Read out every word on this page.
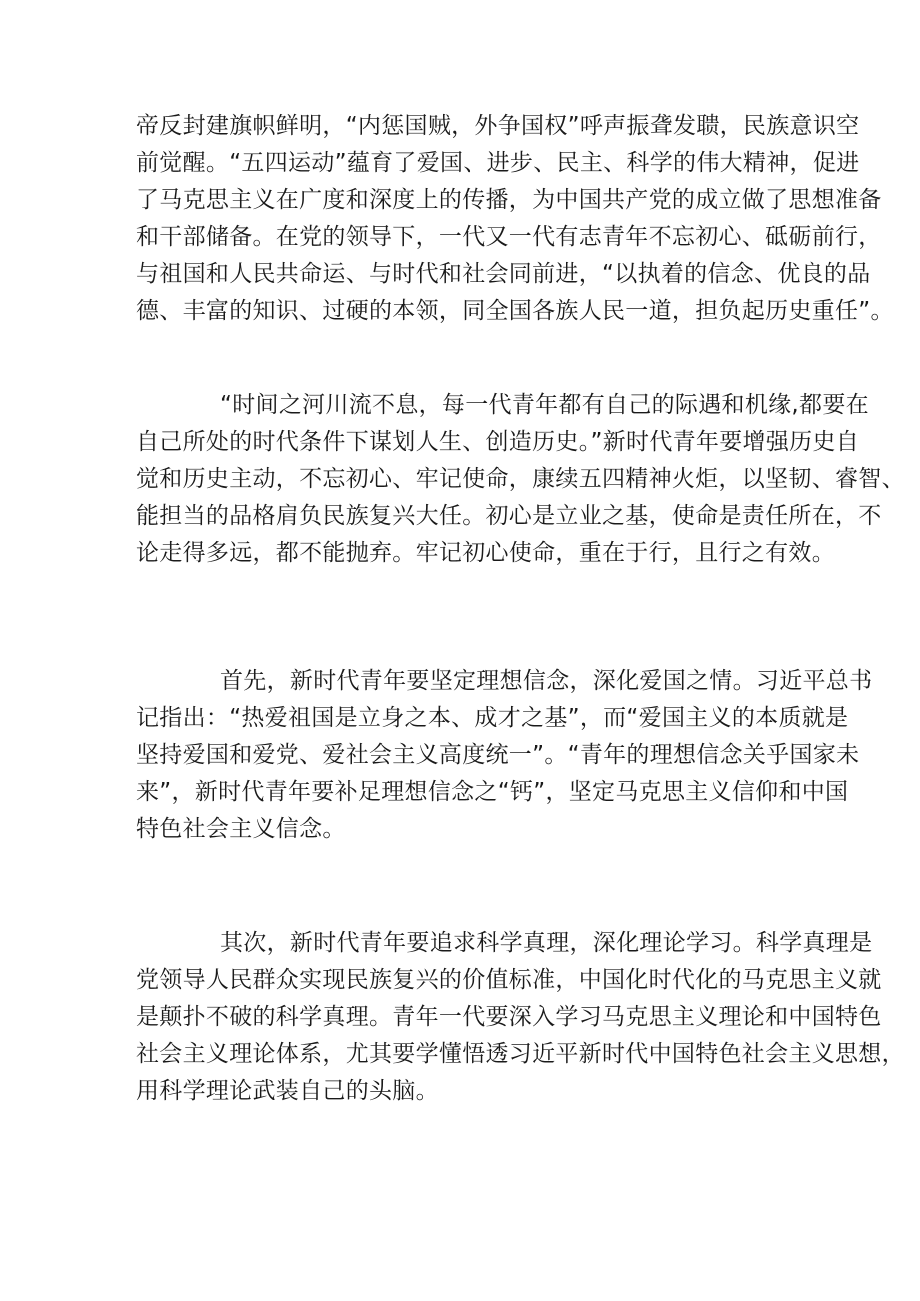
帝反封建旗帜鲜明，“内惩国贼，外争国权”呼声振聋发聩，民族意识空
前觉醒。“五四运动”蕴育了爱国、进步、民主、科学的伟大精神，促进
了马克思主义在广度和深度上的传播，为中国共产党的成立做了思想准备
和干部储备。在党的领导下，一代又一代有志青年不忘初心、砥砺前行，
与祖国和人民共命运、与时代和社会同前进，“以执着的信念、优良的品
德、丰富的知识、过硬的本领，同全国各族人民一道，担负起历史重任”。
“时间之河川流不息，每一代青年都有自己的际遇和机缘,都要在
自己所处的时代条件下谋划人生、创造历史。”新时代青年要增强历史自
觉和历史主动，不忘初心、牢记使命，康续五四精神火炬，以坚韧、睿智、
能担当的品格肩负民族复兴大任。初心是立业之基，使命是责任所在，不
论走得多远，都不能抛弃。牢记初心使命，重在于行，且行之有效。
首先，新时代青年要坚定理想信念，深化爱国之情。习近平总书
记指出：“热爱祖国是立身之本、成才之基”，而“爱国主义的本质就是
坚持爱国和爱党、爱社会主义高度统一”。“青年的理想信念关乎国家未
来”，新时代青年要补足理想信念之“钙”，坚定马克思主义信仰和中国
特色社会主义信念。
其次，新时代青年要追求科学真理，深化理论学习。科学真理是
党领导人民群众实现民族复兴的价值标准，中国化时代化的马克思主义就
是颠扑不破的科学真理。青年一代要深入学习马克思主义理论和中国特色
社会主义理论体系，尤其要学懂悟透习近平新时代中国特色社会主义思想，
用科学理论武装自己的头脑。
